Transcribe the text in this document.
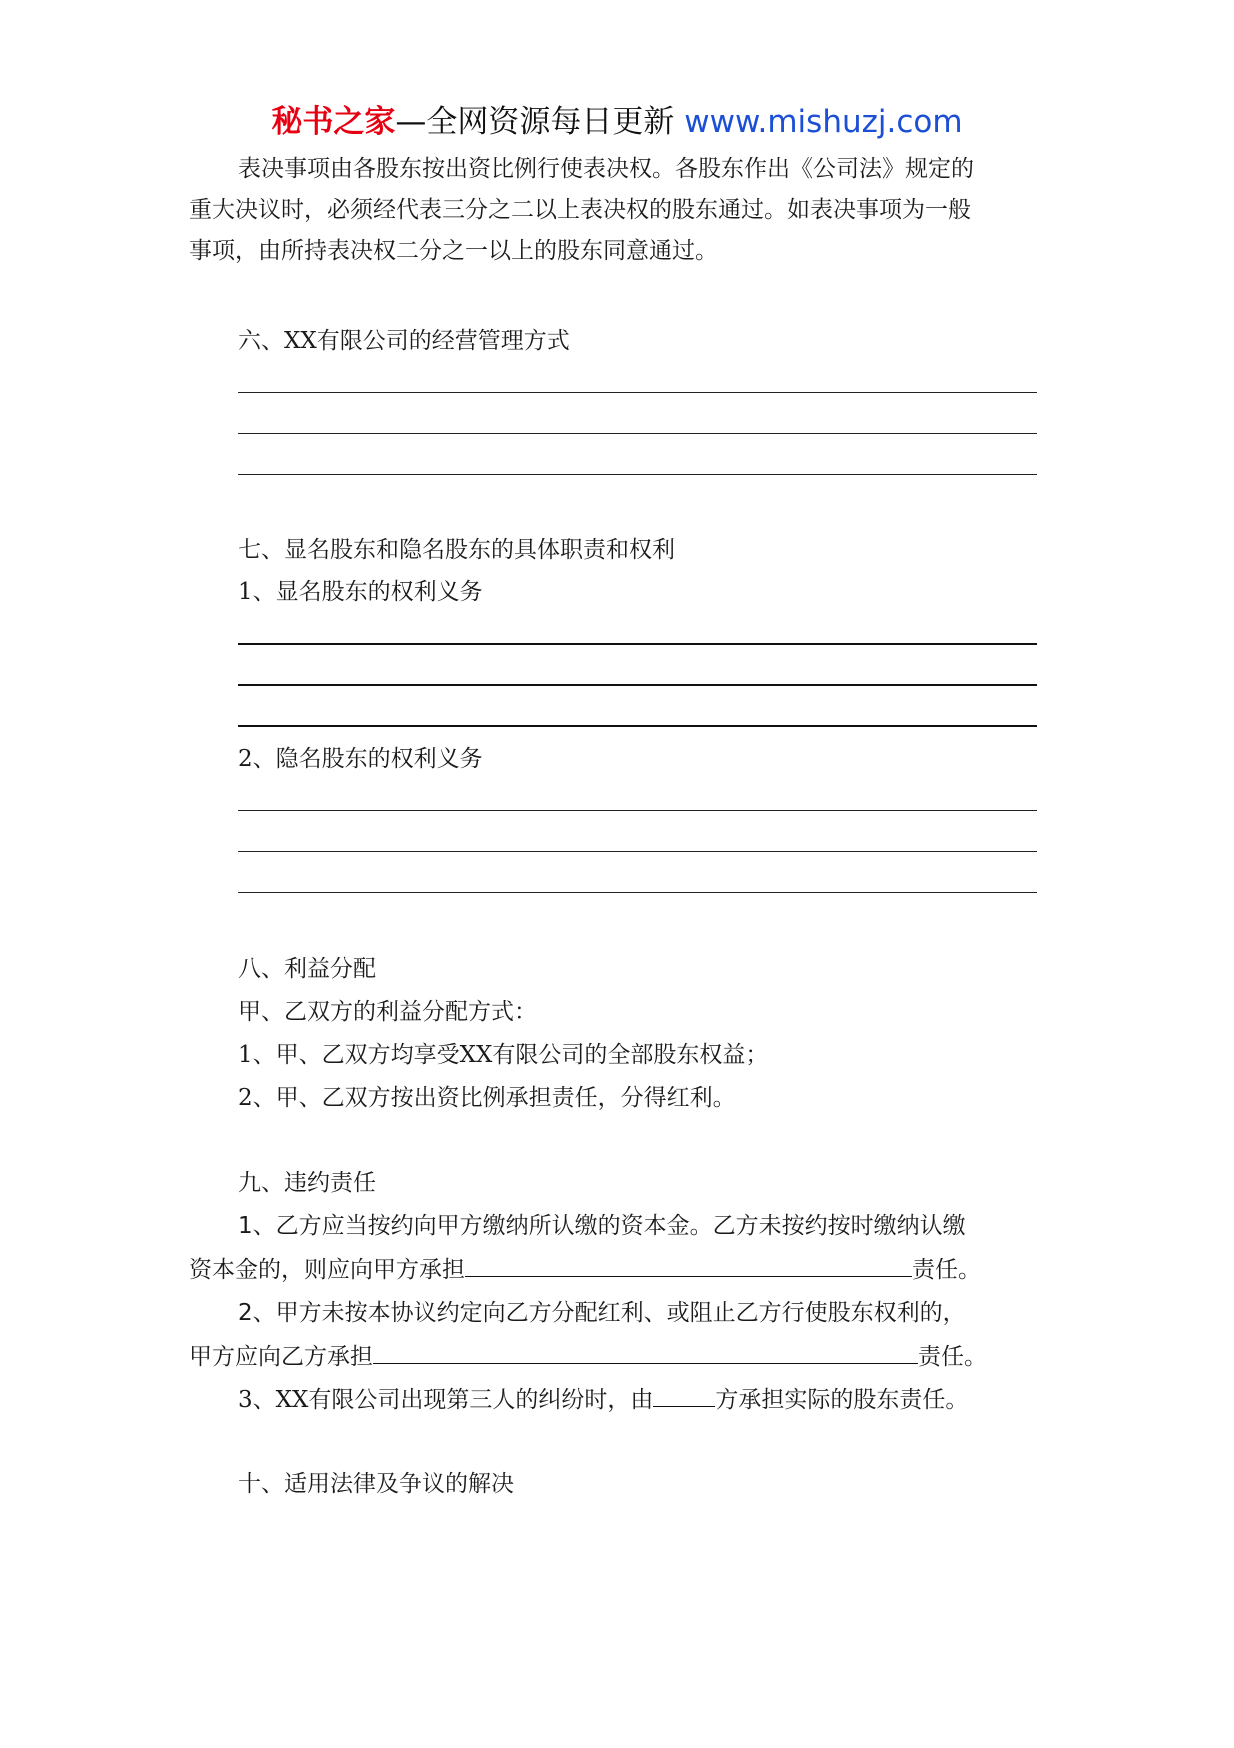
秘书之家—全网资源每日更新 www.mishuzj.com
表决事项由各股东按出资比例行使表决权。各股东作出《公司法》规定的
重大决议时，必须经代表三分之二以上表决权的股东通过。如表决事项为一般
事项，由所持表决权二分之一以上的股东同意通过。
六、XX有限公司的经营管理方式
七、显名股东和隐名股东的具体职责和权利
1、显名股东的权利义务
2、隐名股东的权利义务
八、利益分配
甲、乙双方的利益分配方式：
1、甲、乙双方均享受XX有限公司的全部股东权益；
2、甲、乙双方按出资比例承担责任，分得红利。
九、违约责任
1、乙方应当按约向甲方缴纳所认缴的资本金。乙方未按约按时缴纳认缴
资本金的，则应向甲方承担	责任。
2、甲方未按本协议约定向乙方分配红利、或阻止乙方行使股东权利的，
甲方应向乙方承担	责任。
3、XX有限公司出现第三人的纠纷时，由	方承担实际的股东责任。
十、适用法律及争议的解决
